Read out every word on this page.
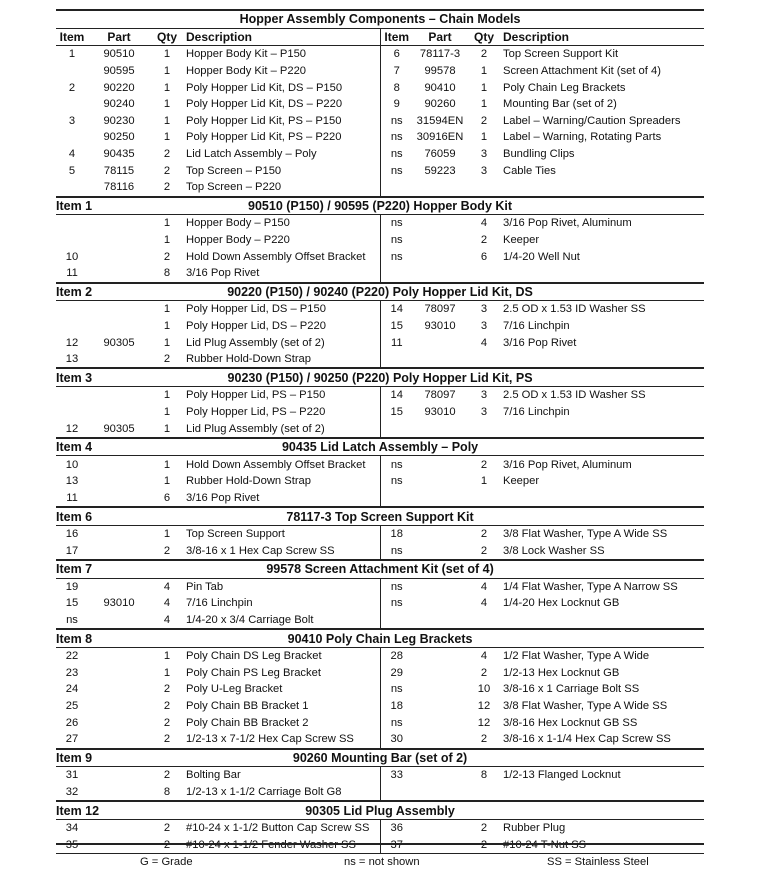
Hopper Assembly Components – Chain Models							
Item	Part	Qty	Description	Item	Part	Qty	Description
1	90510	1	Hopper Body Kit – P150	6	78117-3	2	Top Screen Support Kit
	90595	1	Hopper Body Kit – P220	7	99578	1	Screen Attachment Kit (set of 4)
2	90220	1	Poly Hopper Lid Kit, DS – P150	8	90410	1	Poly Chain Leg Brackets
	90240	1	Poly Hopper Lid Kit, DS – P220	9	90260	1	Mounting Bar (set of 2)
3	90230	1	Poly Hopper Lid Kit, PS – P150	ns	31594EN	2	Label – Warning/Caution Spreaders
	90250	1	Poly Hopper Lid Kit, PS – P220	ns	30916EN	1	Label – Warning, Rotating Parts
4	90435	2	Lid Latch Assembly – Poly	ns	76059	3	Bundling Clips
5	78115	2	Top Screen – P150	ns	59223	3	Cable Ties
	78116	2	Top Screen – P220				

90510 (P150) / 90595 (P220) Hopper Body Kit
Item 1							

		1	Hopper Body – P150	ns		4	3/16 Pop Rivet, Aluminum
		1	Hopper Body – P220	ns		2	Keeper
10		2	Hold Down Assembly Offset Bracket	ns		6	1/4-20 Well Nut
11		8	3/16 Pop Rivet				

90220 (P150) / 90240 (P220) Poly Hopper Lid Kit, DS
Item 2							

		1	Poly Hopper Lid, DS – P150	14	78097	3	2.5 OD x 1.53 ID Washer SS
		1	Poly Hopper Lid, DS – P220	15	93010	3	7/16 Linchpin
12	90305	1	Lid Plug Assembly (set of 2)	11		4	3/16 Pop Rivet
13		2	Rubber Hold-Down Strap				

90230 (P150) / 90250 (P220) Poly Hopper Lid Kit, PS
Item 3							

		1	Poly Hopper Lid, PS – P150	14	78097	3	2.5 OD x 1.53 ID Washer SS
		1	Poly Hopper Lid, PS – P220	15	93010	3	7/16 Linchpin
12	90305	1	Lid Plug Assembly (set of 2)				

90435 Lid Latch Assembly – Poly
Item 4							

10		1	Hold Down Assembly Offset Bracket	ns		2	3/16 Pop Rivet, Aluminum
13		1	Rubber Hold-Down Strap	ns		1	Keeper
11		6	3/16 Pop Rivet				

78117-3 Top Screen Support Kit
Item 6							

16		1	Top Screen Support	18		2	3/8 Flat Washer, Type A Wide SS
17		2	3/8-16 x 1 Hex Cap Screw SS	ns		2	3/8 Lock Washer SS

99578 Screen Attachment Kit (set of 4)
Item 7							

19		4	Pin Tab	ns		4	1/4 Flat Washer, Type A Narrow SS
15	93010	4	7/16 Linchpin	ns		4	1/4-20 Hex Locknut GB
ns		4	1/4-20 x 3/4 Carriage Bolt				

90410 Poly Chain Leg Brackets
Item 8							

22		1	Poly Chain DS Leg Bracket	28		4	1/2 Flat Washer, Type A Wide
23		1	Poly Chain PS Leg Bracket	29		2	1/2-13 Hex Locknut GB
24		2	Poly U-Leg Bracket	ns		10	3/8-16 x 1 Carriage Bolt SS
25		2	Poly Chain BB Bracket 1	18		12	3/8 Flat Washer, Type A Wide SS
26		2	Poly Chain BB Bracket 2	ns		12	3/8-16 Hex Locknut GB SS
27		2	1/2-13 x 7-1/2 Hex Cap Screw SS	30		2	3/8-16 x 1-1/4 Hex Cap Screw SS

90260 Mounting Bar (set of 2)
Item 9							

31		2	Bolting Bar	33		8	1/2-13 Flanged Locknut
32		8	1/2-13 x 1-1/2 Carriage Bolt G8				

90305 Lid Plug Assembly
Item 12							

34		2	#10-24 x 1-1/2 Button Cap Screw SS	36		2	Rubber Plug
35		2	#10-24 x 1-1/2 Fender Washer SS	37		2	#10-24 T-Nut SS

G = Grade ns = not shown SS = Stainless Steel							
